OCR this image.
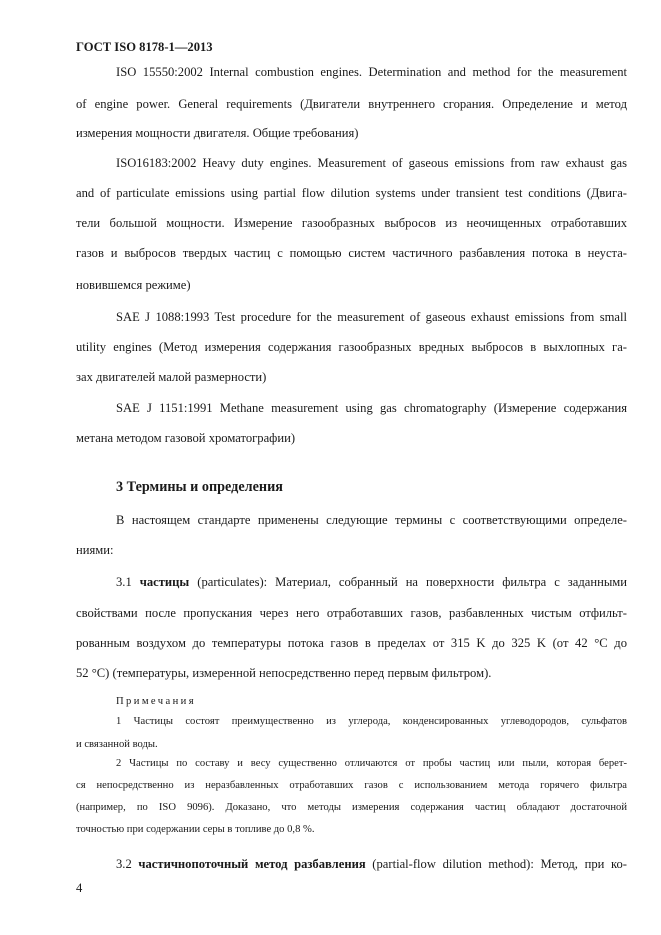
ГОСТ ISO 8178-1—2013
ISO 15550:2002 Internal combustion engines. Determination and method for the measurement
of engine power. General requirements (Двигатели внутреннего сгорания. Определение и метод
измерения мощности двигателя. Общие требования)
ISO16183:2002 Heavy duty engines. Measurement of gaseous emissions from raw exhaust gas
and of particulate emissions using partial flow dilution systems under transient test conditions (Двига-
тели большой мощности. Измерение газообразных выбросов из неочищенных отработавших
газов и выбросов твердых частиц с помощью систем частичного разбавления потока в неуста-
новившемся режиме)
SAE J 1088:1993 Test procedure for the measurement of gaseous exhaust emissions from small
utility engines (Метод измерения содержания газообразных вредных выбросов в выхлопных га-
зах двигателей малой размерности)
SAE J 1151:1991 Methane measurement using gas chromatography (Измерение содержания
метана методом газовой хроматографии)
3 Термины и определения
В настоящем стандарте применены следующие термины с соответствующими определе-
ниями:
3.1 частицы (particulates): Материал, собранный на поверхности фильтра с заданными
свойствами после пропускания через него отработавших газов, разбавленных чистым отфильт-
рованным воздухом до температуры потока газов в пределах от 315 K до 325 K (от 42 °C до
52 °C) (температуры, измеренной непосредственно перед первым фильтром).
Примечания
1 Частицы состоят преимущественно из углерода, конденсированных углеводородов, сульфатов
и связанной воды.
2 Частицы по составу и весу существенно отличаются от пробы частиц или пыли, которая берет-
ся непосредственно из неразбавленных отработавших газов с использованием метода горячего фильтра
(например, по ISO 9096). Доказано, что методы измерения содержания частиц обладают достаточной
точностью при содержании серы в топливе до 0,8 %.
3.2 частичнопоточный метод разбавления (partial-flow dilution method): Метод, при ко-
4
